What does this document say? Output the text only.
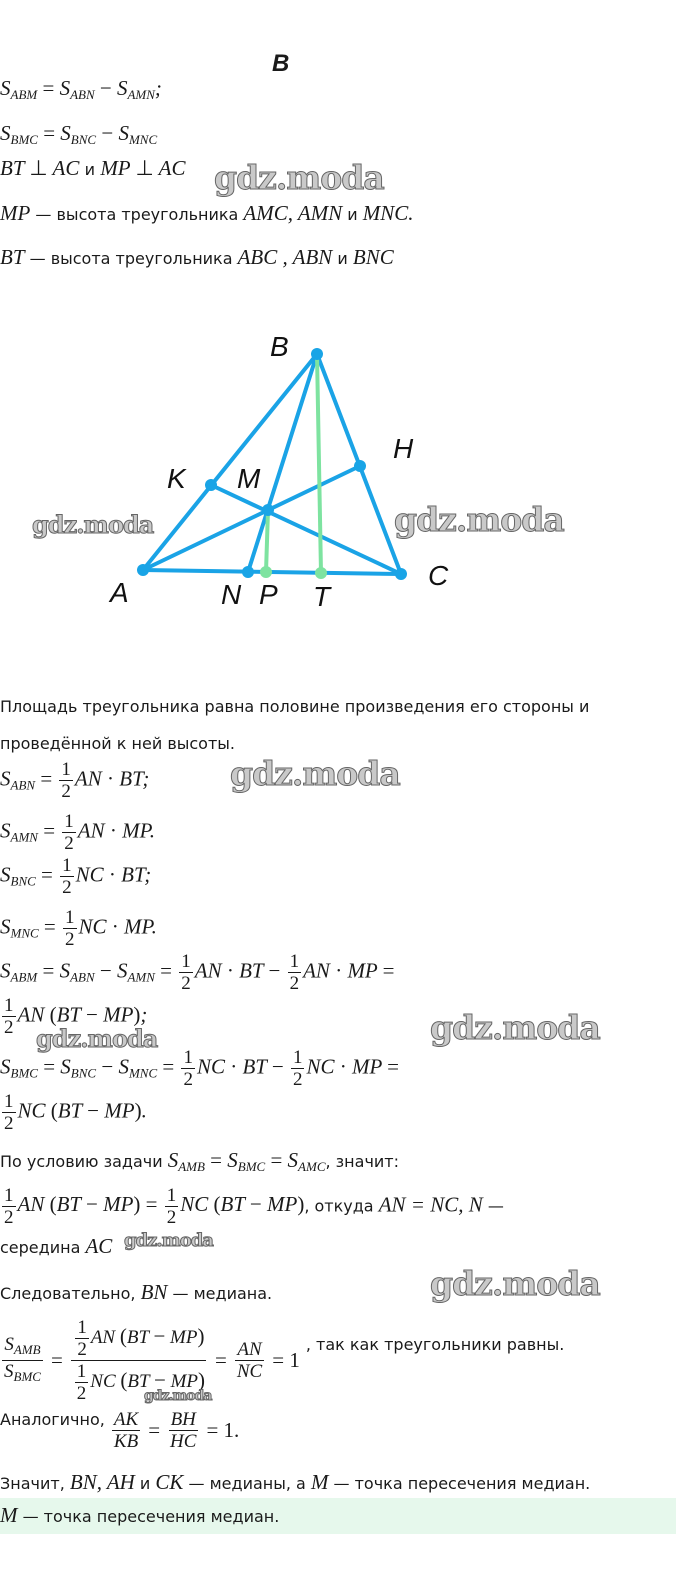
B
$S_{ABM} = S_{ABN} - S_{AMN}$;
$S_{BMC} = S_{BNC} - S_{MNC}$
BT ⊥ AC и MP ⊥ AC
MP — высота треугольника AMC, AMN и MNC.
BT — высота треугольника ABC , ABN и BNC
B
H
K M
A	N P T
C
Площадь треугольника равна половине произведения его стороны и
проведённой к ней высоты.
$S_{ABN} = \frac{1}{2}$ AN · BT;
$S_{AMN} = \frac{1}{2}$ AN · MP.
$S_{BNC} = \frac{1}{2}$ NC · BT;
$S_{MNC} = \frac{1}{2}$ NC · MP.
$S_{ABM} = S_{ABN} - S_{AMN} = \frac{1}{2}$ AN · BT − $\frac{1}{2}$ AN · MP =
$\frac{1}{2}$ AN (BT − MP);
$S_{BMC} = S_{BNC} - S_{MNC} = \frac{1}{2}$ NC · BT − $\frac{1}{2}$ NC · MP =
$\frac{1}{2}$ NC (BT − MP).
По условию задачи $S_{AMB} = S_{BMC} = S_{AMC}$, значит:
$\frac{1}{2}$ AN $(BT - MP) = \frac{1}{2}$ NC (BT − MP), откуда AN = NC, N —
середина AC
Следовательно, BN — медиана.
$\frac{S_{AMB}}{S_{BMC}} = \frac{\frac{1}{2} AN (BT - MP)}{\frac{1}{2} NC (BT - MP)} = \frac{AN}{NC} = 1$
, так как треугольники равны.
Аналогично, $\frac{AK}{KB} = \frac{BH}{HC} = 1$.
Значит, BN, AH и CK — медианы, а M — точка пересечения медиан.
M — точка пересечения медиан.
gdz.moda
gdz.moda	gdz.moda
gdz.moda
gdz.moda
gdz.moda
gdz.moda
gdz.moda
gdz.moda
